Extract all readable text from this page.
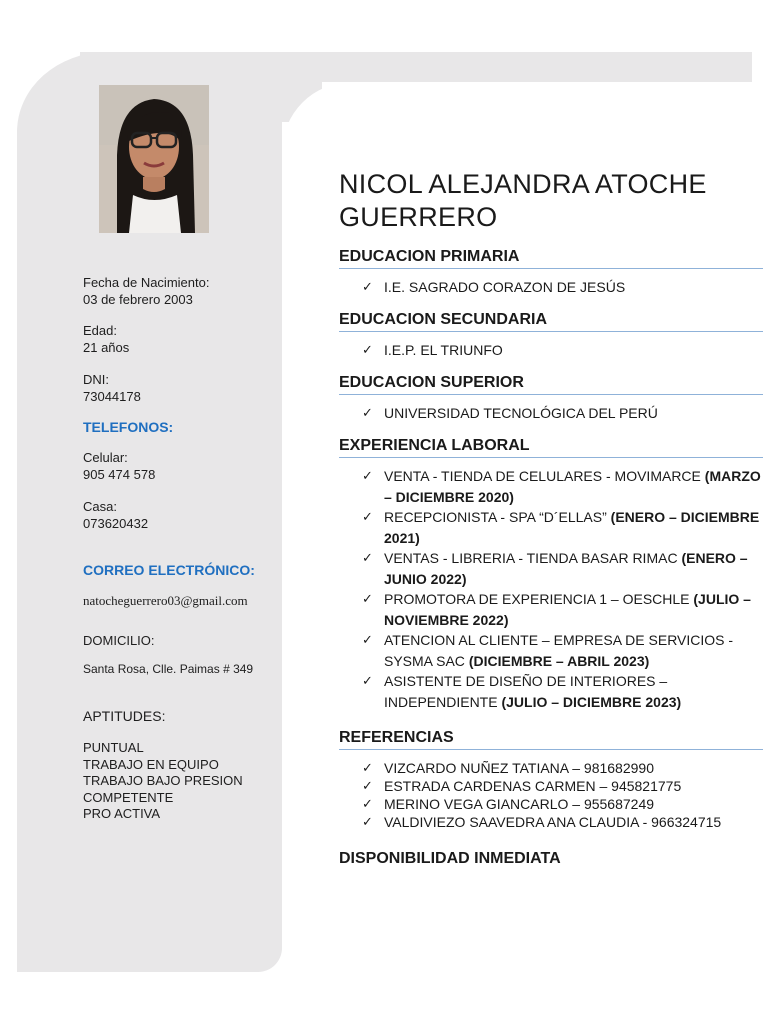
Fecha de Nacimiento:
03 de febrero 2003
Edad:
21 años
DNI:
73044178
TELEFONOS:
Celular:
905 474 578
Casa:
073620432
CORREO ELECTRÓNICO:
natocheguerrero03@gmail.com
DOMICILIO:
Santa Rosa, Clle. Paimas # 349
APTITUDES:
PUNTUAL
TRABAJO EN EQUIPO
TRABAJO BAJO PRESION
COMPETENTE
PRO ACTIVA
NICOL ALEJANDRA ATOCHE
GUERRERO
EDUCACION PRIMARIA
✓ I.E. SAGRADO CORAZON DE JESÚS
EDUCACION SECUNDARIA
✓ I.E.P. EL TRIUNFO
EDUCACION SUPERIOR
✓ UNIVERSIDAD TECNOLÓGICA DEL PERÚ
EXPERIENCIA LABORAL
✓ VENTA - TIENDA DE CELULARES - MOVIMARCE (MARZO – DICIEMBRE 2020)
✓ RECEPCIONISTA - SPA “D´ELLAS” (ENERO – DICIEMBRE 2021)
✓ VENTAS - LIBRERIA - TIENDA BASAR RIMAC (ENERO – JUNIO 2022)
✓ PROMOTORA DE EXPERIENCIA 1 – OESCHLE (JULIO – NOVIEMBRE 2022)
✓ ATENCION AL CLIENTE – EMPRESA DE SERVICIOS - SYSMA SAC (DICIEMBRE – ABRIL 2023)
✓ ASISTENTE DE DISEÑO DE INTERIORES – INDEPENDIENTE (JULIO – DICIEMBRE 2023)
REFERENCIAS
✓ VIZCARDO NUÑEZ TATIANA – 981682990
✓ ESTRADA CARDENAS CARMEN – 945821775
✓ MERINO VEGA GIANCARLO – 955687249
✓ VALDIVIEZO SAAVEDRA ANA CLAUDIA - 966324715
DISPONIBILIDAD INMEDIATA
